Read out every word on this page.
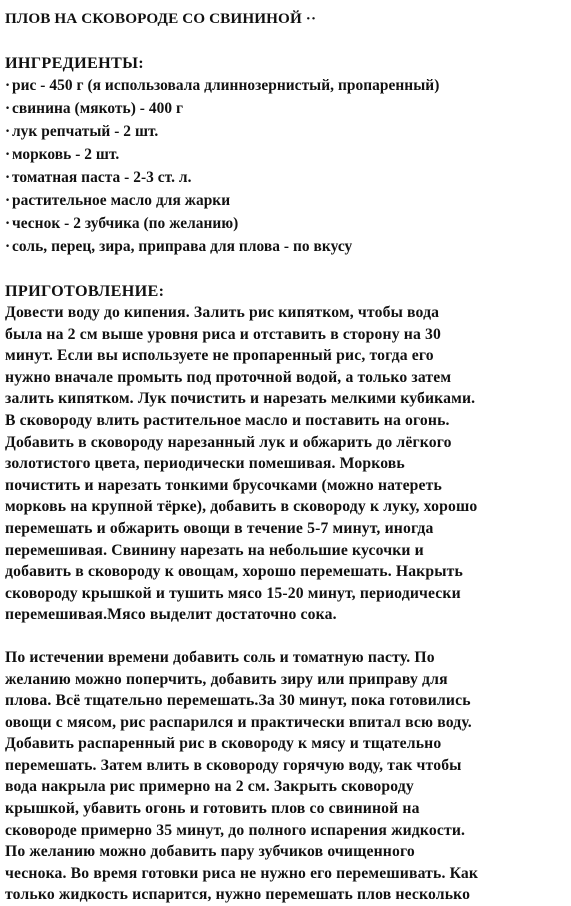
ПЛОВ НА СКОВОРОДЕ СО СВИНИНОЙ ··
ИНГРЕДИЕНТЫ:
· рис - 450 г (я использовала длиннозернистый, пропаренный)
· свинина (мякоть) - 400 г
· лук репчатый - 2 шт.
· морковь - 2 шт.
· томатная паста - 2-3 ст. л.
· растительное масло для жарки
· чеснок - 2 зубчика (по желанию)
· соль, перец, зира, приправа для плова - по вкусу
ПРИГОТОВЛЕНИЕ:
Довести воду до кипения. Залить рис кипятком, чтобы вода
была на 2 см выше уровня риса и отставить в сторону на 30
минут. Если вы используете не пропаренный рис, тогда его
нужно вначале промыть под проточной водой, а только затем
залить кипятком. Лук почистить и нарезать мелкими кубиками.
В сковороду влить растительное масло и поставить на огонь.
Добавить в сковороду нарезанный лук и обжарить до лёгкого
золотистого цвета, периодически помешивая. Морковь
почистить и нарезать тонкими брусочками (можно натереть
морковь на крупной тёрке), добавить в сковороду к луку, хорошо
перемешать и обжарить овощи в течение 5-7 минут, иногда
перемешивая. Свинину нарезать на небольшие кусочки и
добавить в сковороду к овощам, хорошо перемешать. Накрыть
сковороду крышкой и тушить мясо 15-20 минут, периодически
перемешивая.Мясо выделит достаточно сока.
По истечении времени добавить соль и томатную пасту. По
желанию можно поперчить, добавить зиру или приправу для
плова. Всё тщательно перемешать.За 30 минут, пока готовились
овощи с мясом, рис распарился и практически впитал всю воду.
Добавить распаренный рис в сковороду к мясу и тщательно
перемешать. Затем влить в сковороду горячую воду, так чтобы
вода накрыла рис примерно на 2 см. Закрыть сковороду
крышкой, убавить огонь и готовить плов со свининой на
сковороде примерно 35 минут, до полного испарения жидкости.
По желанию можно добавить пару зубчиков очищенного
чеснока. Во время готовки риса не нужно его перемешивать. Как
только жидкость испарится, нужно перемешать плов несколько
